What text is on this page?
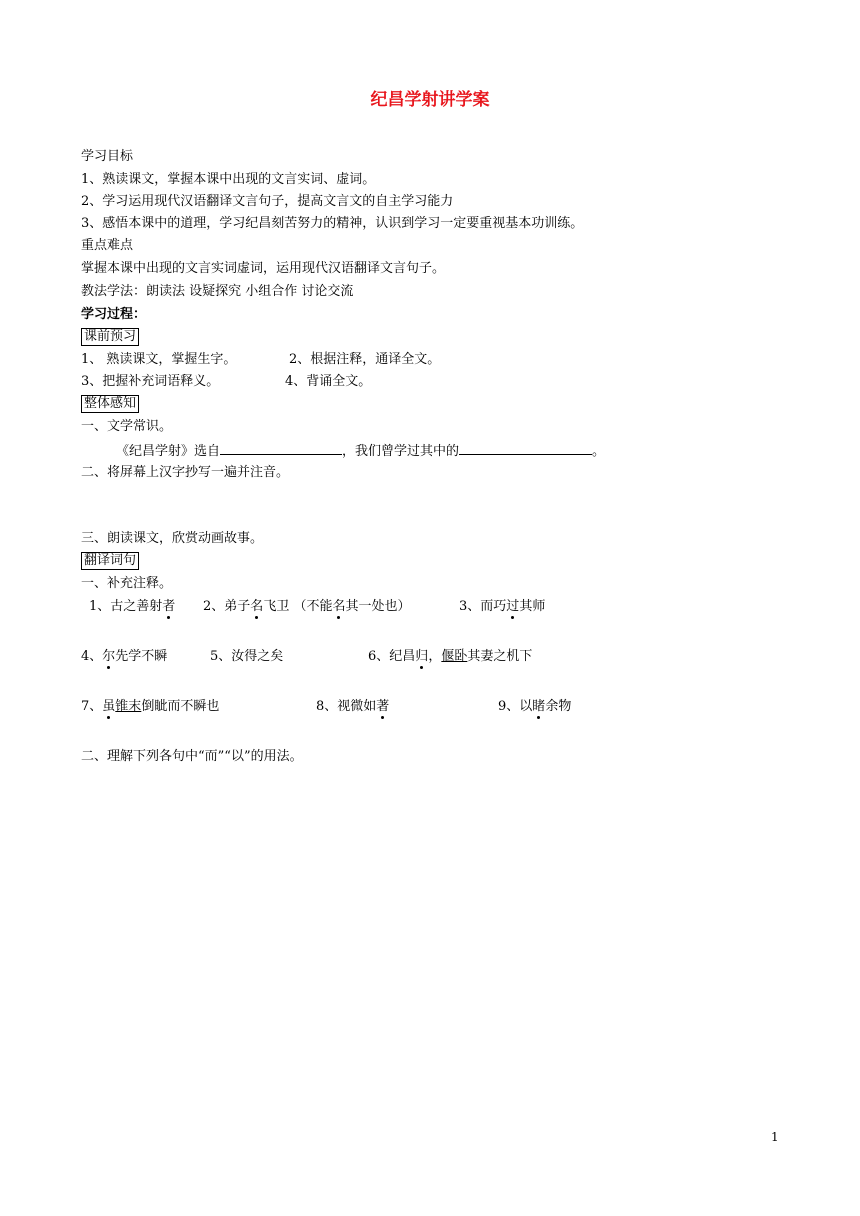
纪昌学射讲学案
学习目标
1、熟读课文，掌握本课中出现的文言实词、虚词。
2、学习运用现代汉语翻译文言句子，提高文言文的自主学习能力
3、感悟本课中的道理，学习纪昌刻苦努力的精神，认识到学习一定要重视基本功训练。
重点难点
掌握本课中出现的文言实词虚词，运用现代汉语翻译文言句子。
教法学法：朗读法 设疑探究 小组合作 讨论交流
学习过程：
课前预习
1、 熟读课文，掌握生字。	2、根据注释，通译全文。
3、把握补充词语释义。	4、背诵全文。
整体感知
一、文学常识。
《纪昌学射》选自	，我们曾学过其中的	。
二、将屏幕上汉字抄写一遍并注音。
三、朗读课文，欣赏动画故事。
翻译词句
一、补充注释。
1、古之善射者 2、弟子名飞卫 （不能名其一处也）	3、而巧过其师
4、尔先学不瞬	5、汝得之矣	6、纪昌归，偃卧其妻之机下
7、虽锥末倒眦而不瞬也	8、视微如著	9、以睹余物
二、理解下列各句中“而”“以”的用法。
1
